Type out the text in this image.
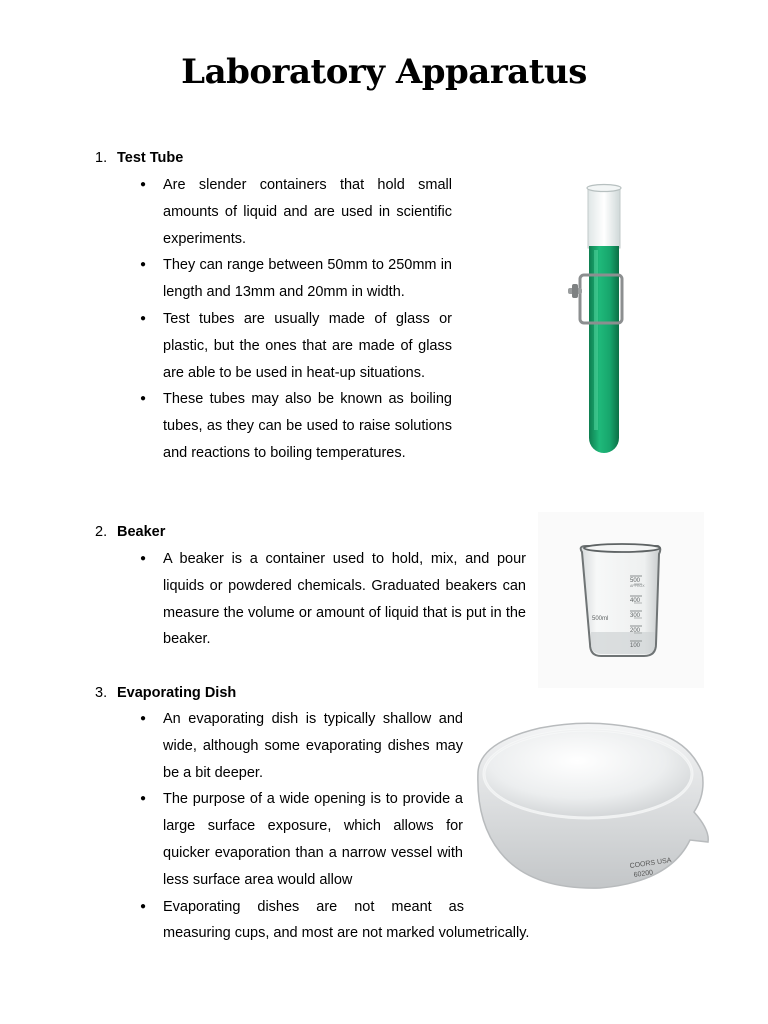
Laboratory Apparatus
1. Test Tube
● Are slender containers that hold small amounts of liquid and are used in scientific experiments.
● They can range between 50mm to 250mm in length and 13mm and 20mm in width.
● Test tubes are usually made of glass or plastic, but the ones that are made of glass are able to be used in heat-up situations.
● These tubes may also be known as boiling tubes, as they can be used to raise solutions and reactions to boiling temperatures.
2. Beaker
● A beaker is a container used to hold, mix, and pour liquids or powdered chemicals. Graduated beakers can measure the volume or amount of liquid that is put in the beaker.
500
APPROX
400
300
200
100
500ml
3. Evaporating Dish
● An evaporating dish is typically shallow and wide, although some evaporating dishes may be a bit deeper.
● The purpose of a wide opening is to provide a large surface exposure, which allows for quicker evaporation than a narrow vessel with less surface area would allow
● Evaporating dishes are not meant as
measuring cups, and most are not marked volumetrically.
COORS USA
60200
